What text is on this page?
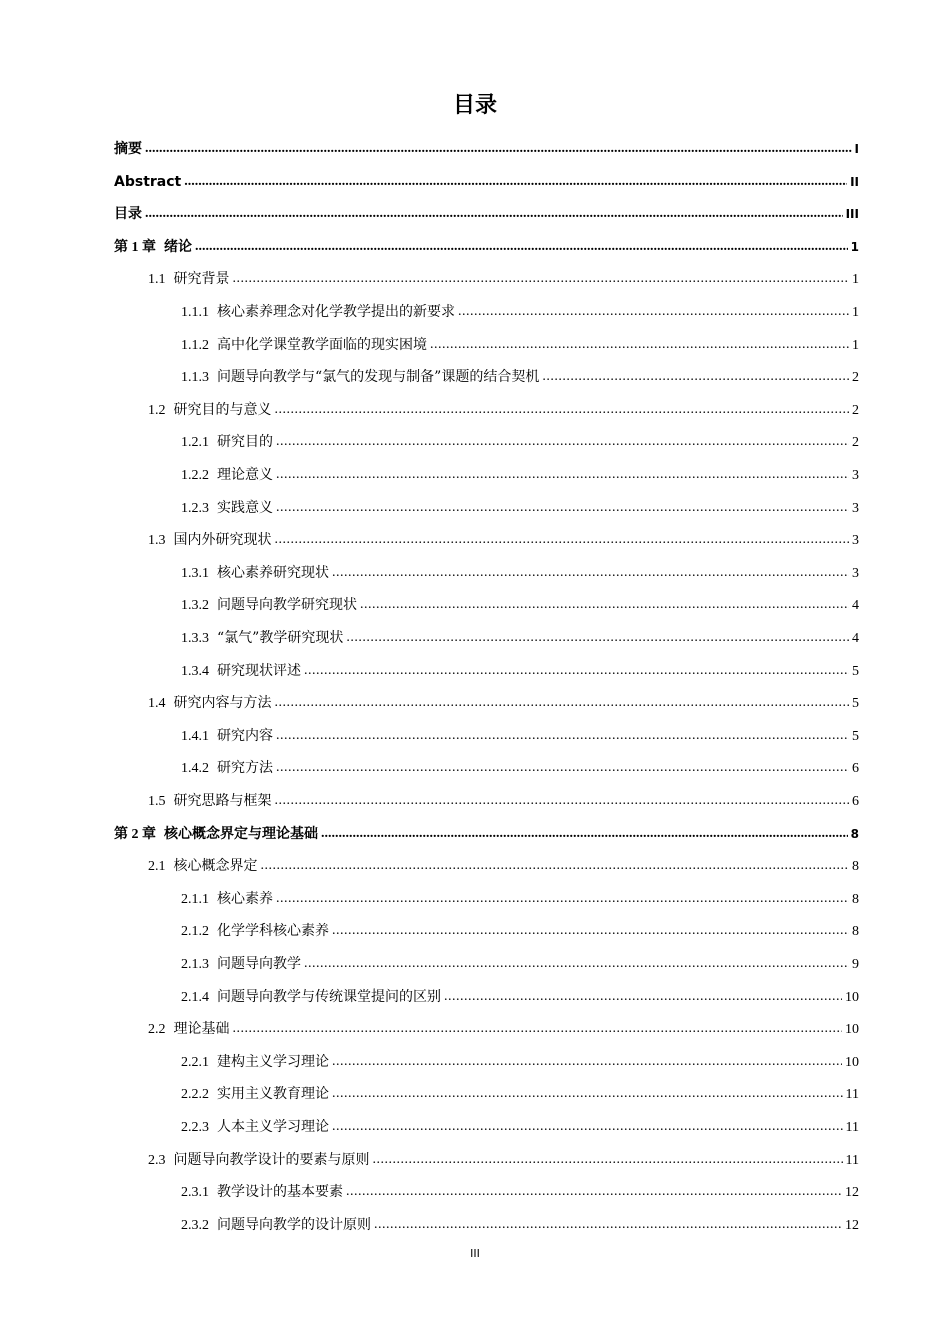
目录
摘要 .....	I
Abstract .....	II
目录 .....	III
第 1 章 绪论 .....	1
1.1 研究背景 .....	1
1.1.1 核心素养理念对化学教学提出的新要求 .....	1
1.1.2 高中化学课堂教学面临的现实困境 .....	1
1.1.3 问题导向教学与“氯气的发现与制备”课题的结合契机 .....	2
1.2 研究目的与意义 .....	2
1.2.1 研究目的 .....	2
1.2.2 理论意义 .....	3
1.2.3 实践意义 .....	3
1.3 国内外研究现状 .....	3
1.3.1 核心素养研究现状 .....	3
1.3.2 问题导向教学研究现状 .....	4
1.3.3 “氯气”教学研究现状 .....	4
1.3.4 研究现状评述 .....	5
1.4 研究内容与方法 .....	5
1.4.1 研究内容 .....	5
1.4.2 研究方法 .....	6
1.5 研究思路与框架 .....	6
第 2 章 核心概念界定与理论基础 .....	8
2.1 核心概念界定 .....	8
2.1.1 核心素养 .....	8
2.1.2 化学学科核心素养 .....	8
2.1.3 问题导向教学 .....	9
2.1.4 问题导向教学与传统课堂提问的区别 .....	10
2.2 理论基础 .....	10
2.2.1 建构主义学习理论 .....	10
2.2.2 实用主义教育理论 .....	11
2.2.3 人本主义学习理论 .....	11
2.3 问题导向教学设计的要素与原则 .....	11
2.3.1 教学设计的基本要素 .....	12
2.3.2 问题导向教学的设计原则 .....	12
III
